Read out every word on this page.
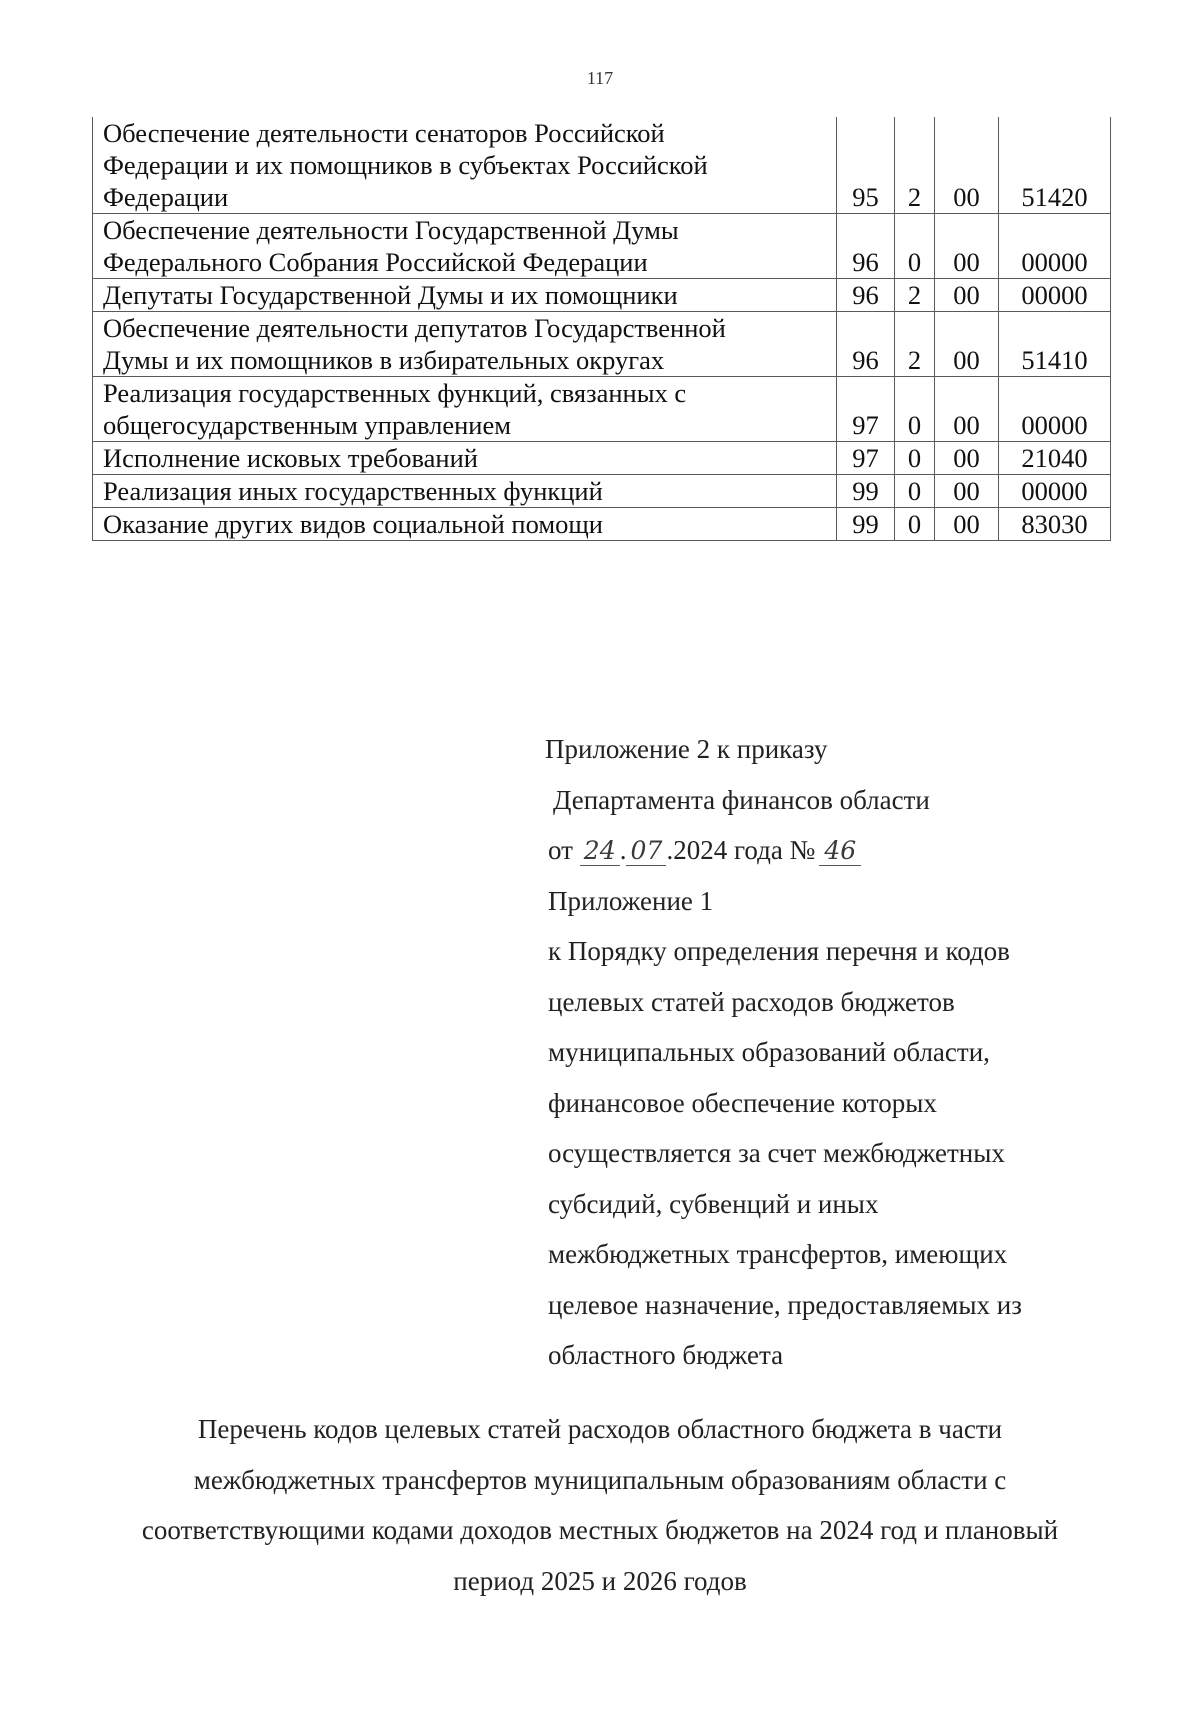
117
Обеспечение деятельности сенаторов Российской
Федерации и их помощников в субъектах Российской
Федерации	95	2	00	51420

Обеспечение деятельности Государственной Думы
Федерального Собрания Российской Федерации	96	0	00	00000

Депутаты Государственной Думы и их помощники	96	2	00	00000

Обеспечение деятельности депутатов Государственной
Думы и их помощников в избирательных округах	96	2	00	51410

Реализация государственных функций, связанных с
общегосударственным управлением	97	0	00	00000

Исполнение исковых требований	97	0	00	21040

Реализация иных государственных функций	99	0	00	00000

Оказание других видов социальной помощи	99	0	00	83030
Приложение 2 к приказу
Департамента финансов области
от 24 . 07 .2024 года № 46
Приложение 1
к Порядку определения перечня и кодов
целевых статей расходов бюджетов
муниципальных образований области,
финансовое обеспечение которых
осуществляется за счет межбюджетных
субсидий, субвенций и иных
межбюджетных трансфертов, имеющих
целевое назначение, предоставляемых из
областного бюджета
Перечень кодов целевых статей расходов областного бюджета в части
межбюджетных трансфертов муниципальным образованиям области с
соответствующими кодами доходов местных бюджетов на 2024 год и плановый
период 2025 и 2026 годов
